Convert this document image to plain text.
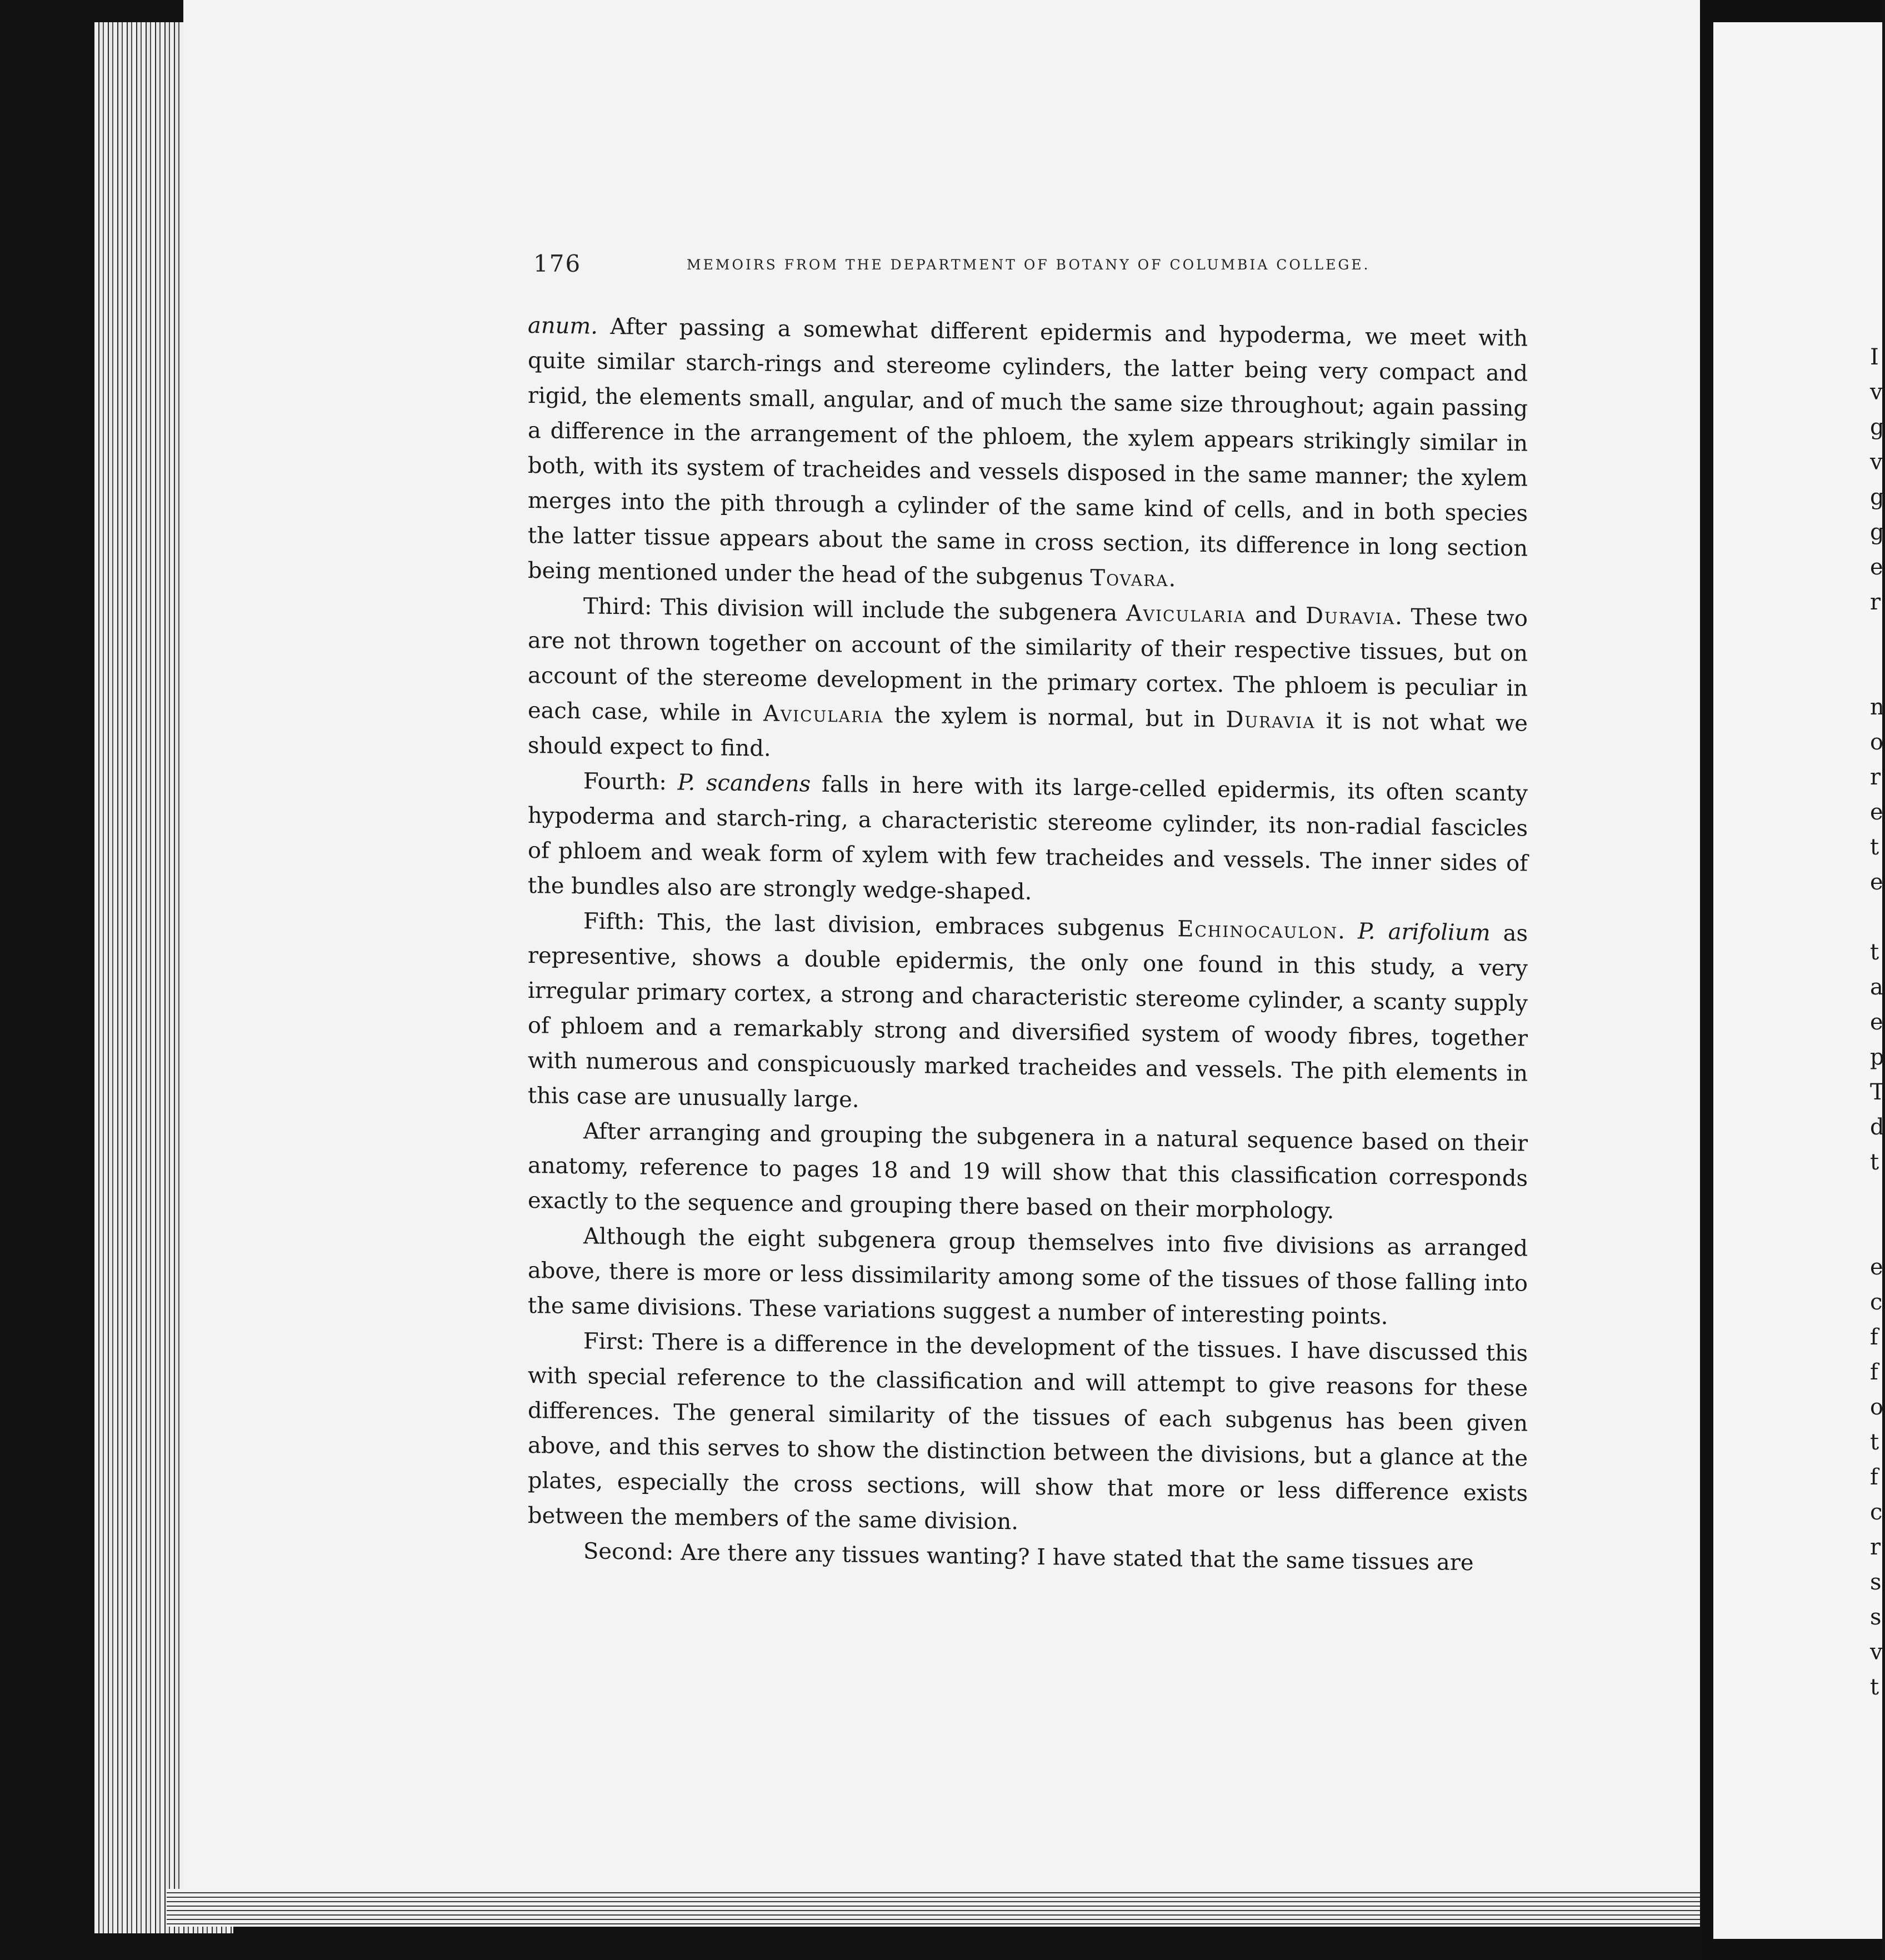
176	MEMOIRS FROM THE DEPARTMENT OF BOTANY OF COLUMBIA COLLEGE.

anum. After passing a somewhat different epidermis and hypoderma, we meet with quite similar starch-rings and stereome cylinders, the latter being very compact and rigid, the elements small, angular, and of much the same size throughout; again passing a difference in the arrangement of the phloem, the xylem appears strikingly similar in both, with its system of tracheides and vessels disposed in the same manner; the xylem merges into the pith through a cylinder of the same kind of cells, and in both species the latter tissue appears about the same in cross section, its difference in long section being mentioned under the head of the subgenus Tovara.

Third: This division will include the subgenera Avicularia and Duravia. These two are not thrown together on account of the similarity of their respective tissues, but on account of the stereome development in the primary cortex. The phloem is peculiar in each case, while in Avicularia the xylem is normal, but in Duravia it is not what we should expect to find.

Fourth: P. scandens falls in here with its large-celled epidermis, its often scanty hypoderma and starch-ring, a characteristic stereome cylinder, its non-radial fascicles of phloem and weak form of xylem with few tracheides and vessels. The inner sides of the bundles also are strongly wedge-shaped.

Fifth: This, the last division, embraces subgenus Echinocaulon. P. arifolium as representive, shows a double epidermis, the only one found in this study, a very irregular primary cortex, a strong and characteristic stereome cylinder, a scanty supply of phloem and a remarkably strong and diversified system of woody fibres, together with numerous and conspicuously marked tracheides and vessels. The pith elements in this case are unusually large.

After arranging and grouping the subgenera in a natural sequence based on their anatomy, reference to pages 18 and 19 will show that this classification corresponds exactly to the sequence and grouping there based on their morphology.

Although the eight subgenera group themselves into five divisions as arranged above, there is more or less dissimilarity among some of the tissues of those falling into the same divisions. These variations suggest a number of interesting points.

First: There is a difference in the development of the tissues. I have discussed this with special reference to the classification and will attempt to give reasons for these differences. The general similarity of the tissues of each subgenus has been given above, and this serves to show the distinction between the divisions, but a glance at the plates, especially the cross sections, will show that more or less difference exists between the members of the same division.

Second: Are there any tissues wanting? I have stated that the same tissues are

I
v
g
v
g
g
e
r
n
o
r
e
t
e
t
a
e
p
T
d
t
e
c
f
f
o
t
f
c
r
s
s
v
t
